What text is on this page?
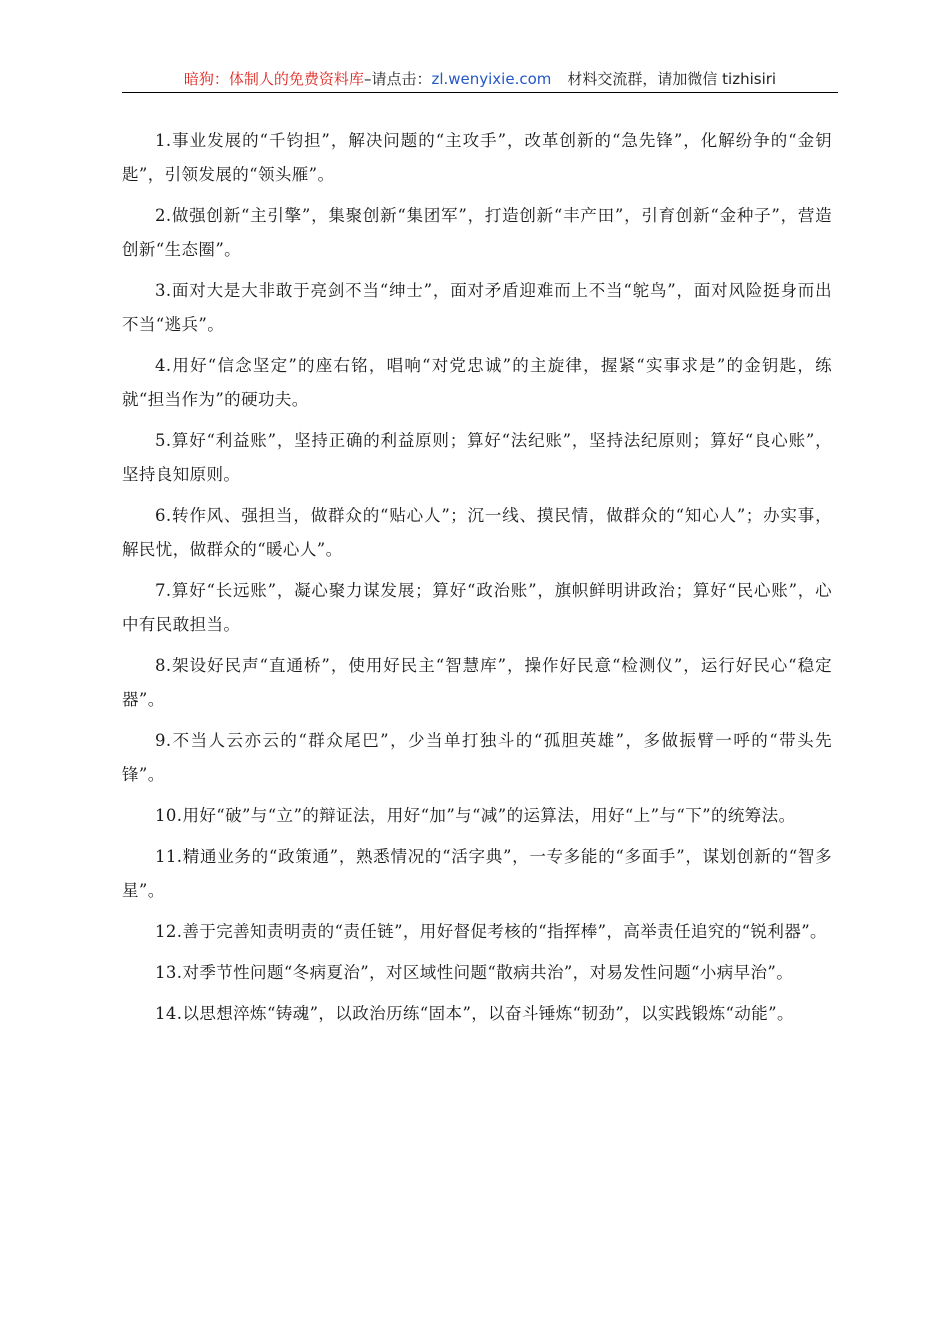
暗狗：体制人的免费资料库–请点击：zl.wenyixie.com 材料交流群，请加微信 tizhisiri

1.事业发展的“千钧担”，解决问题的“主攻手”，改革创新的“急先锋”，化解纷争的“金钥匙”，引领发展的“领头雁”。

2.做强创新“主引擎”，集聚创新“集团军”，打造创新“丰产田”，引育创新“金种子”，营造创新“生态圈”。

3.面对大是大非敢于亮剑不当“绅士”，面对矛盾迎难而上不当“鸵鸟”，面对风险挺身而出不当“逃兵”。

4.用好“信念坚定”的座右铭，唱响“对党忠诚”的主旋律，握紧“实事求是”的金钥匙，练就“担当作为”的硬功夫。

5.算好“利益账”，坚持正确的利益原则；算好“法纪账”，坚持法纪原则；算好“良心账”，坚持良知原则。

6.转作风、强担当，做群众的“贴心人”；沉一线、摸民情，做群众的“知心人”；办实事，解民忧，做群众的“暖心人”。

7.算好“长远账”，凝心聚力谋发展；算好“政治账”，旗帜鲜明讲政治；算好“民心账”，心中有民敢担当。

8.架设好民声“直通桥”，使用好民主“智慧库”，操作好民意“检测仪”，运行好民心“稳定器”。

9.不当人云亦云的“群众尾巴”，少当单打独斗的“孤胆英雄”，多做振臂一呼的“带头先锋”。

10.用好“破”与“立”的辩证法，用好“加”与“减”的运算法，用好“上”与“下”的统筹法。

11.精通业务的“政策通”，熟悉情况的“活字典”，一专多能的“多面手”，谋划创新的“智多星”。

12.善于完善知责明责的“责任链”，用好督促考核的“指挥棒”，高举责任追究的“锐利器”。

13.对季节性问题“冬病夏治”，对区域性问题“散病共治”，对易发性问题“小病早治”。

14.以思想淬炼“铸魂”，以政治历练“固本”，以奋斗锤炼“韧劲”，以实践锻炼“动能”。
